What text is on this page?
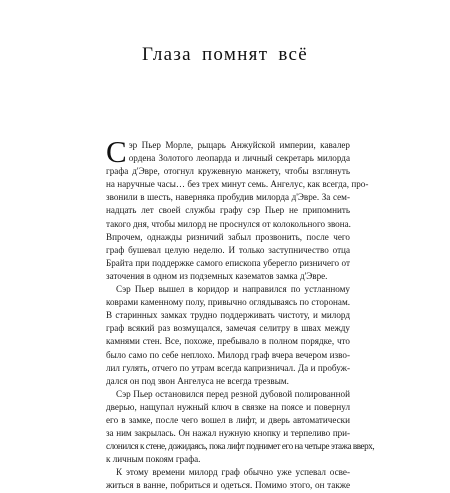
Глаза помнят всё
С эр Пьер Морле, рыцарь Анжуйской империи, кавалер
ордена Золотого леопарда и личный секретарь милорда
графа д'Эвре, отогнул кружевную манжету, чтобы взглянуть
на наручные часы… без трех минут семь. Ангелус, как всегда, про-
звонили в шесть, наверняка пробудив милорда д'Эвре. За сем-
надцать лет своей службы графу сэр Пьер не припомнить
такого дня, чтобы милорд не проснулся от колокольного звона.
Впрочем, однажды ризничий забыл прозвонить, после чего
граф бушевал целую неделю. И только заступничество отца
Брайта при поддержке самого епископа уберегло ризничего от
заточения в одном из подземных казематов замка д'Эвре.
Сэр Пьер вышел в коридор и направился по устланному
коврами каменному полу, привычно оглядываясь по сторонам.
В старинных замках трудно поддерживать чистоту, и милорд
граф всякий раз возмущался, замечая селитру в швах между
камнями стен. Все, похоже, пребывало в полном порядке, что
было само по себе неплохо. Милорд граф вчера вечером изво-
лил гулять, отчего по утрам всегда капризничал. Да и пробуж-
дался он под звон Ангелуса не всегда трезвым.
Сэр Пьер остановился перед резной дубовой полированной
дверью, нащупал нужный ключ в связке на поясе и повернул
его в замке, после чего вошел в лифт, и дверь автоматически
за ним закрылась. Он нажал нужную кнопку и терпеливо при-
слонился к стене, дожидаясь, пока лифт поднимет его на четыре этажа вверх,
к личным покоям графа.
К этому времени милорд граф обычно уже успевал осве-
житься в ванне, побриться и одеться. Помимо этого, он также
